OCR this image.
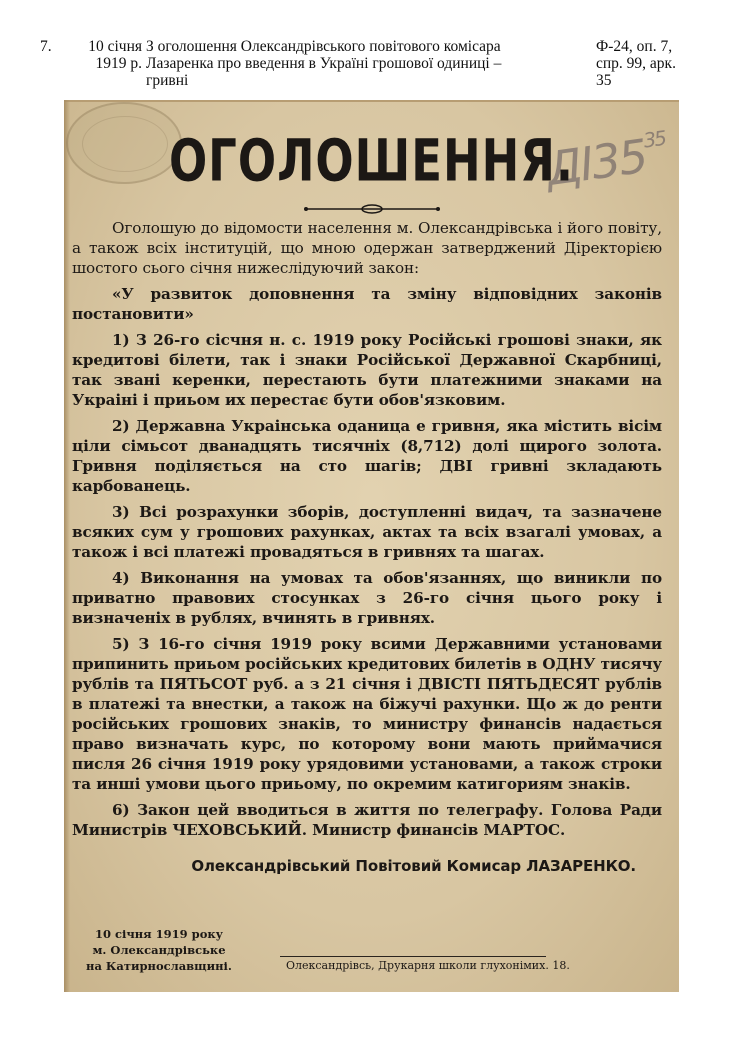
7.	10 січня
1919 р.
З оголошення Олександрівського повітового комісара
Лазаренка про введення в Україні грошової одиниці –
гривні
Ф-24, оп. 7,
спр. 99, арк.
35
$ДІ35^{35}$
ОГОЛОШЕННЯ.

Оголошую до відомости населення м. Олександрівська і його повіту, а також всіх інституцій, що мною одержан затверджений Діректорією шостого сього січня нижеслідуючий закон:

«У развиток доповнення та зміну відповідних законів постановити»

1) З 26-го сісчня н. с. 1919 року Російські грошові знаки, як кредитові білети, так і знаки Російської Державної Скарбниці, так звані керенки, перестають бути платежними знаками на Украіні і приьом их перестає бути обов'язковим.

2) Державна Украінська оданица е гривня, яка містить вісім ціли сімьсот дванадцять тисячніх (8,712) долі щирого золота. Гривня поділяється на сто шагів; ДВІ гривні зкладають карбованець.

3) Всі розрахунки зборів, доступленні видач, та зазначене всяких сум у грошових рахунках, актах та всіх взагалі умовах, а також і всі платежі провадяться в гривнях та шагах.

4) Виконання на умовах та обов'язаннях, що виникли по приватно правових стосунках з 26-го січня цього року і визначеніх в рублях, вчинять в гривнях.

5) З 16-го січня 1919 року всими Державними установами припинить приьом російських кредитових билетів в ОДНУ тисячу рублів та ПЯТЬСОТ руб. а з 21 січня і ДВІСТІ ПЯТЬДЕСЯТ рублів в платежі та внестки, а також на біжучі рахунки. Що ж до ренти російських грошових знаків, то министру финансів надається право визначать курс, по которому вони мають приймачися писля 26 січня 1919 року урядовими установами, а також строки та инші умови цього приьому, по окремим катигориям знаків.

6) Закон цей вводиться в життя по телеграфу. Голова Ради Министрів ЧЕХОВСЬКИЙ. Министр финансів МАРТОС.

Олександрівський Повітовий Комисар ЛАЗАРЕНКО.

10 січня 1919 року
м. Олександрівське
на Катирнославщині.	Олександрівсь, Друкарня школи глухонімих. 18.
